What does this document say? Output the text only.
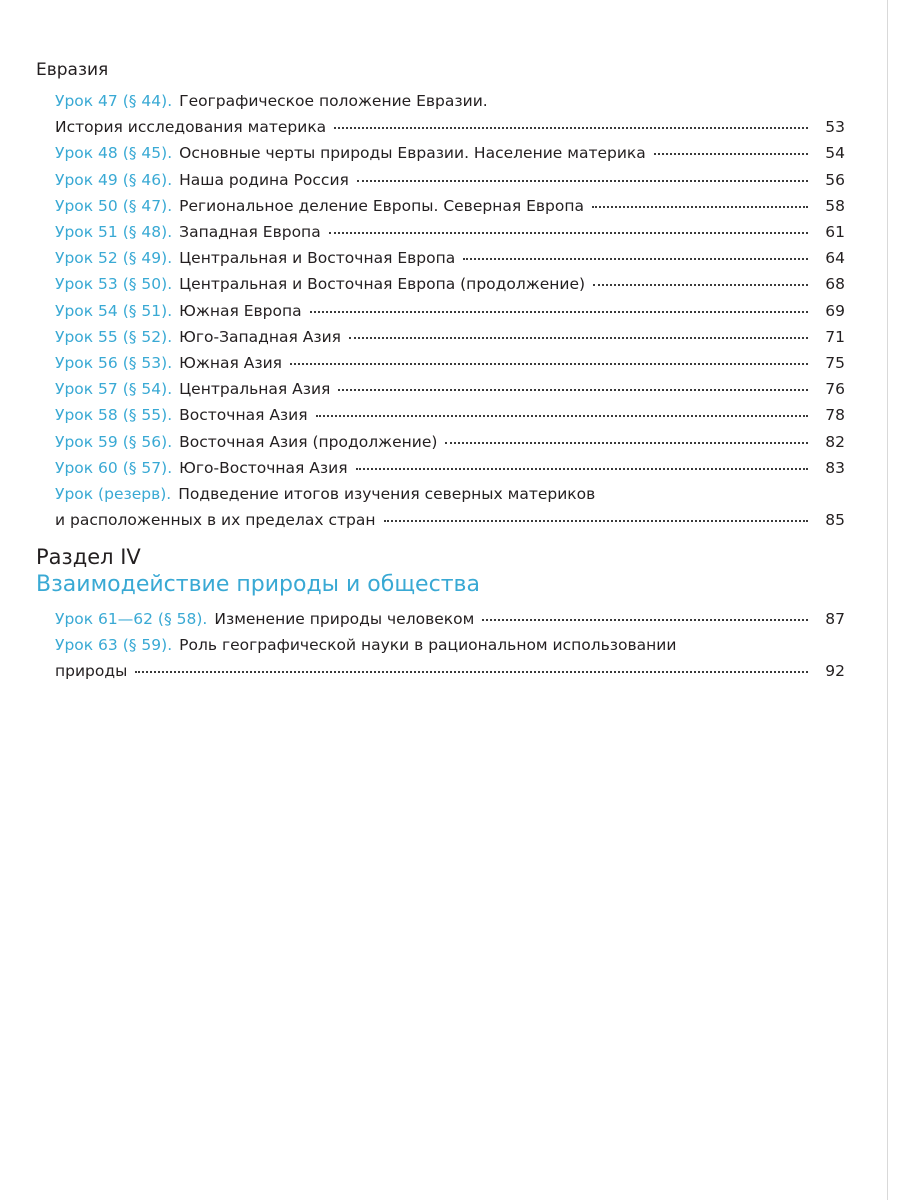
Евразия
Урок 47 (§ 44). Географическое положение Евразии.
История исследования материка	53
Урок 48 (§ 45). Основные черты природы Евразии. Население материка	54
Урок 49 (§ 46). Наша родина Россия	56
Урок 50 (§ 47). Региональное деление Европы. Северная Европа	58
Урок 51 (§ 48). Западная Европа	61
Урок 52 (§ 49). Центральная и Восточная Европа	64
Урок 53 (§ 50). Центральная и Восточная Европа (продолжение)	68
Урок 54 (§ 51). Южная Европа	69
Урок 55 (§ 52). Юго-Западная Азия	71
Урок 56 (§ 53). Южная Азия	75
Урок 57 (§ 54). Центральная Азия	76
Урок 58 (§ 55). Восточная Азия	78
Урок 59 (§ 56). Восточная Азия (продолжение)	82
Урок 60 (§ 57). Юго-Восточная Азия	83
Урок (резерв). Подведение итогов изучения северных материков
и расположенных в их пределах стран	85
Раздел IV
Взаимодействие природы и общества
Урок 61—62 (§ 58). Изменение природы человеком	87
Урок 63 (§ 59). Роль географической науки в рациональном использовании
природы	92
